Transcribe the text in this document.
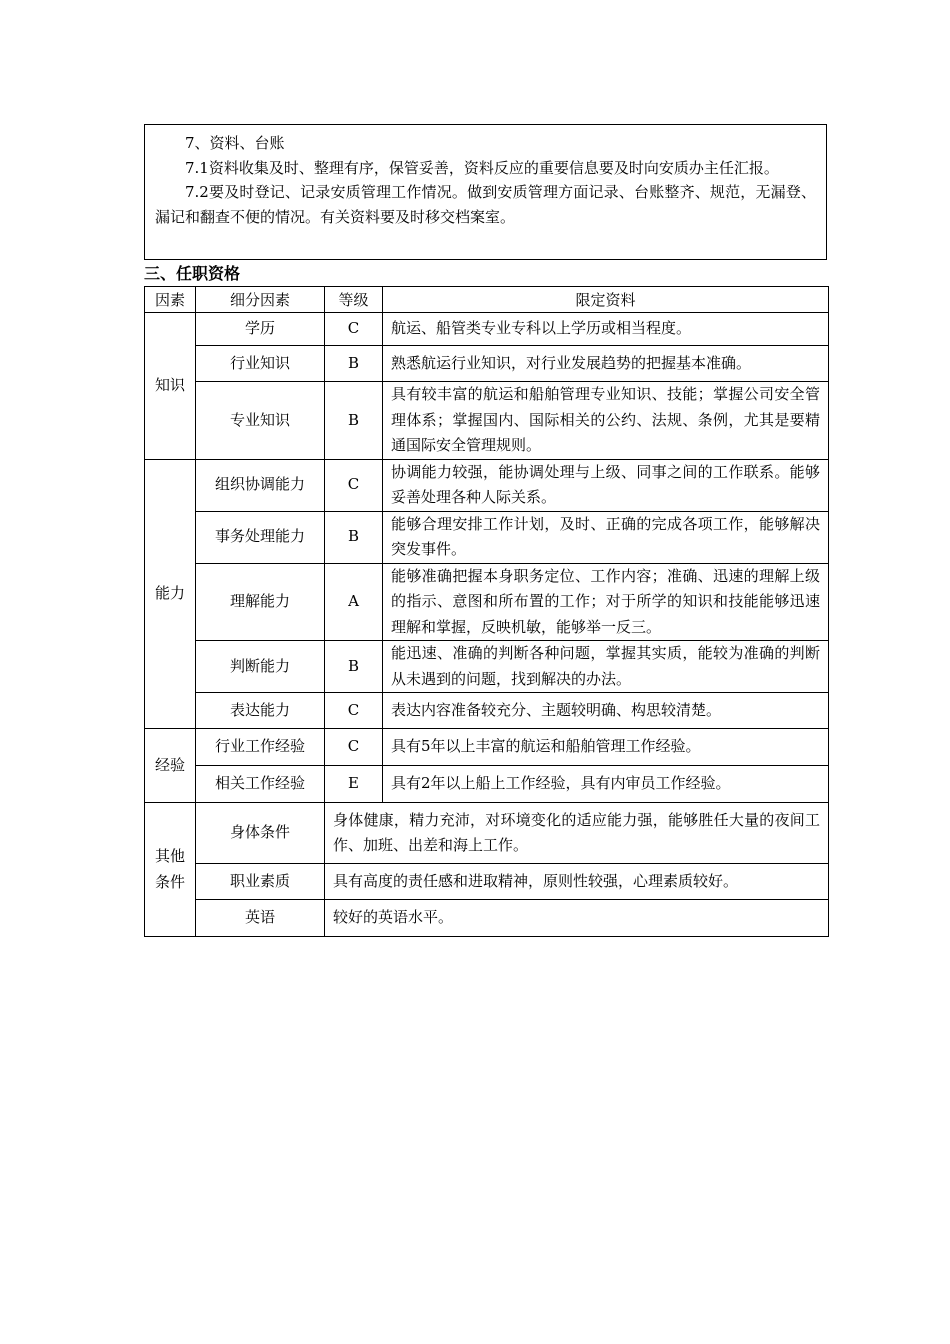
7、资料、台账

7.1资料收集及时、整理有序，保管妥善，资料反应的重要信息要及时向安质办主任汇报。

7.2要及时登记、记录安质管理工作情况。做到安质管理方面记录、台账整齐、规范，无漏登、漏记和翻查不便的情况。有关资料要及时移交档案室。

三、任职资格
因素	细分因素	等级	限定资料
知识	学历	C	航运、船管类专业专科以上学历或相当程度。
	行业知识	B	熟悉航运行业知识，对行业发展趋势的把握基本准确。
	专业知识	B	具有较丰富的航运和船舶管理专业知识、技能；掌握公司安全管理体系；掌握国内、国际相关的公约、法规、条例，尤其是要精通国际安全管理规则。
能力	组织协调能力	C	协调能力较强，能协调处理与上级、同事之间的工作联系。能够妥善处理各种人际关系。
	事务处理能力	B	能够合理安排工作计划，及时、正确的完成各项工作，能够解决突发事件。
	理解能力	A	能够准确把握本身职务定位、工作内容；准确、迅速的理解上级的指示、意图和所布置的工作；对于所学的知识和技能能够迅速理解和掌握，反映机敏，能够举一反三。
	判断能力	B	能迅速、准确的判断各种问题，掌握其实质，能较为准确的判断从未遇到的问题，找到解决的办法。
	表达能力	C	表达内容准备较充分、主题较明确、构思较清楚。
经验	行业工作经验	C	具有5年以上丰富的航运和船舶管理工作经验。
	相关工作经验	E	具有2年以上船上工作经验，具有内审员工作经验。
其他
条件	身体条件	身体健康，精力充沛，对环境变化的适应能力强，能够胜任大量的夜间工作、加班、出差和海上工作。	
	职业素质	具有高度的责任感和进取精神，原则性较强，心理素质较好。	
	英语	较好的英语水平。	
